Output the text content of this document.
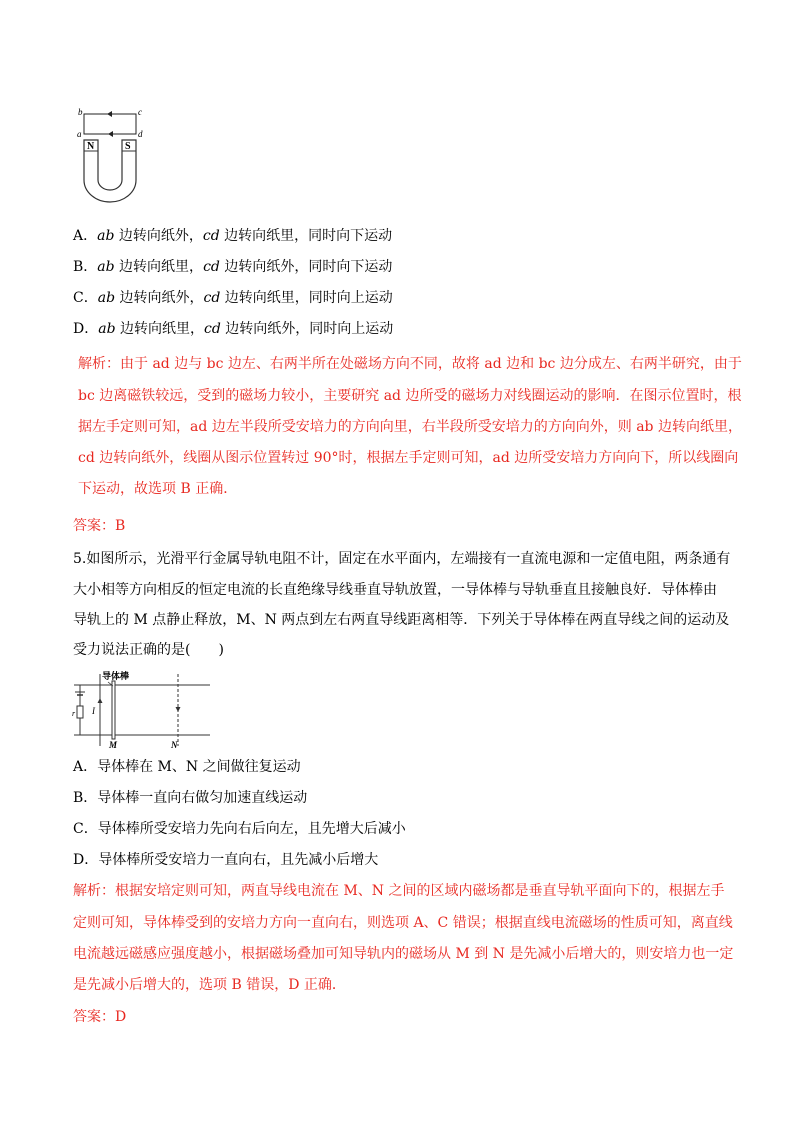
b	c
a	d
N	S
A．ab 边转向纸外，cd 边转向纸里，同时向下运动
B．ab 边转向纸里，cd 边转向纸外，同时向下运动
C．ab 边转向纸外，cd 边转向纸里，同时向上运动
D．ab 边转向纸里，cd 边转向纸外，同时向上运动
解析：由于 ad 边与 bc 边左、右两半所在处磁场方向不同，故将 ad 边和 bc 边分成左、右两半研究，由于
bc 边离磁铁较远，受到的磁场力较小，主要研究 ad 边所受的磁场力对线圈运动的影响．在图示位置时，根
据左手定则可知，ad 边左半段所受安培力的方向向里，右半段所受安培力的方向向外，则 ab 边转向纸里，
cd 边转向纸外，线圈从图示位置转过 90°时，根据左手定则可知，ad 边所受安培力方向向下，所以线圈向
下运动，故选项 B 正确．
答案：B
5.如图所示，光滑平行金属导轨电阻不计，固定在水平面内，左端接有一直流电源和一定值电阻，两条通有
大小相等方向相反的恒定电流的长直绝缘导线垂直导轨放置，一导体棒与导轨垂直且接触良好．导体棒由
导轨上的 M 点静止释放，M、N 两点到左右两直导线距离相等．下列关于导体棒在两直导线之间的运动及
受力说法正确的是(　　)
r I
导体棒
M	N
A．导体棒在 M、N 之间做往复运动
B．导体棒一直向右做匀加速直线运动
C．导体棒所受安培力先向右后向左，且先增大后减小
D．导体棒所受安培力一直向右，且先减小后增大
解析：根据安培定则可知，两直导线电流在 M、N 之间的区域内磁场都是垂直导轨平面向下的，根据左手
定则可知，导体棒受到的安培力方向一直向右，则选项 A、C 错误；根据直线电流磁场的性质可知，离直线
电流越远磁感应强度越小，根据磁场叠加可知导轨内的磁场从 M 到 N 是先减小后增大的，则安培力也一定
是先减小后增大的，选项 B 错误，D 正确．
答案：D
